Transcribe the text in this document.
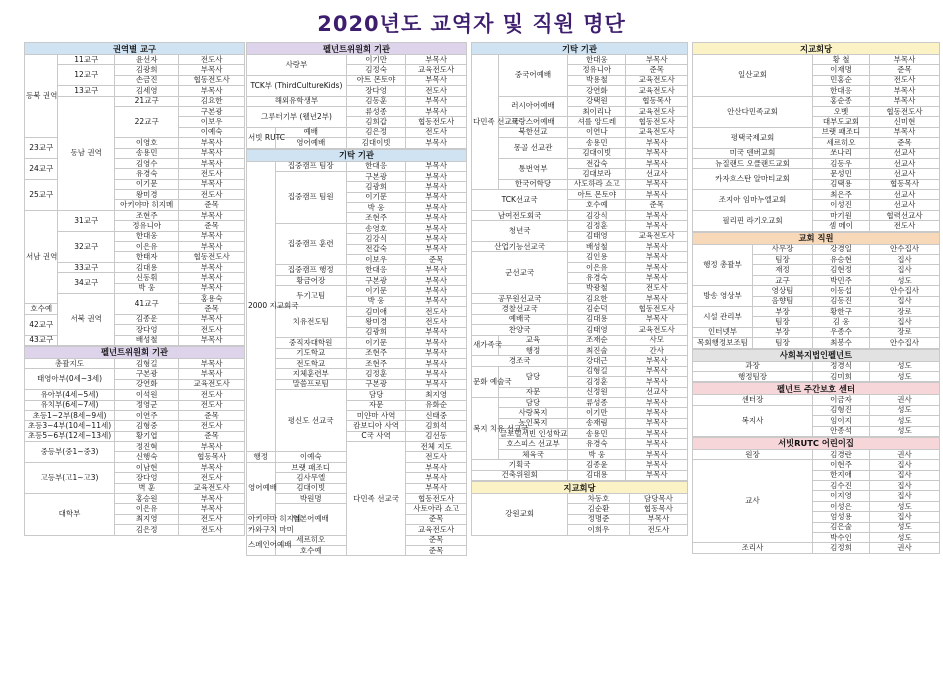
2020년도 교역자 및 직원 명단
권역별 교구			
등북 권역	11교구	윤선자	전도사
	12교구	김광희	부목사
		손금진	협동전도사
	13교구	김세영	부목사
	동남 권역	21교구	김요한
		22교구	구본광
			이보우
			이예숙
23교구		이영호	부목사
		송용민	부목사
24교구		김영수	부목사
		유경숙	전도사
25교구		이기문	부목사
		왕미경	전도사
		아키야마 히지메	준목
서남 권역	31교구	조현주	부목사
		정유니아	준목
	32교구	한대웅	부목사
		이은유	부목사
		한태자	협동전도사
	33교구	김대용	부목사
	34교구	신동휘	부목사
		박 웅	부목사
	서북 권역	41교구	홍용숙
호수예			준목
42교구		김종운	부목사
		장다엉	전도사
43교구		배성철	부목사
펠넌트위원회 기관		
총괄지도	김형길	부목사
태영아부(0세~3세)	구본광	부목사
	강연화	교육전도사
유아부(4세~5세)	이석원	전도사
유치부(6세~7세)	정영군	전도사
초등1~2부(8세~9세)	이연주	준목
초등3~4부(10세~11세)	김형중	전도사
초등5~6부(12세~13세)	황기엽	준목
중등부(중1~중3)	정진혁	부목사
	신행숙	협동목사
고등부(고1~고3)	이남현	부목사
	장다엉	전도사
	벽 훈	교육전도사
대학부	홍승원	부목사
	이은유	부목사
	최지영	전도사
	김은정	전도사
펠넌트위원회 기관			
사랑부		이기만	부목사
		김정숙	교육전도사
TCK부 (ThirdCultureKids)		아트 몬토야	부목사
		장다엉	전도사
해외유학생부		김동훈	부목사
그루터기부 (웰년2부)		류성종	부목사
		김희갑	협동전도사
서빗 RUTC	예배	김은정	전도사
	영어예배	김대이빗	부목사
기탁 기관			
2000 지교회국	집중캠프 팀장	한대응	부목사
	집중캠프 팀원	구본광	부목사
		김광희	부목사
		이기문	부목사
		박 웅	부목사
		조현주	부목사
	집중캠프 훈련	송영호	부목사
		김강식	부목사
		전갑숙	부목사
		이보우	준목
	집중캠프 행정	한대응	부목사
	황금어장	구본광	부목사
	두기고팀	이기문	부목사
		박 웅	부목사
	치유전도팀	김미애	전도사
		왕미경	전도사
		김광희	부목사
	중직자대학원	이기문	부목사
	기도학교	조현주	부목사
	전도학교	조현주	부목사
	지체훈련부	김정훈	부목사
	말씀프로팀	구본광	부목사
	평신도 선교국	담당	최지영
		자문	유화순
		미얀마 사역	신태중
		캄보디아 사역	김희석
		C국 사역	김선동
		다민족 선교국	전체 지도
행정	이예숙		전도사
영어예배	브랫 패조디		부목사
	김사무엘		부목사
	김대이빗		부목사
	박원명		협동전도사
	일본어예배		사토아라 쇼고
아키야마 히지메			준목
카와구치 마미			교육전도사
스페인어예배	세르히오		준목
	호수예		준목
기탁 기관			
다민족 선교국	중국어예배	한대웅	부목사
		정유니아	준목
		박용철	교육전도사
		강연화	교육전도사
	러시아어예배	강택원	협동목사
		최이리나	교육전도사
	프랑스어예배	셔를 앙드레	협동전도사
	북한선교	이연나	교육전도사
	몽골 선교관	송용민	부목사
		김대이빗	부목사
	통번역부	전갑숙	부목사
		김대보라	선교사
	한국어학당	사도하라 쇼고	부목사
TCK선교국		아트 몬토야	부목사
		호수예	준목
남여전도회국		김강식	부목사
청년국		김정훈	부목사
		김태영	교육전도사
산업기능선교국		배성철	부목사
군선교국		김인용	부목사
		이은유	부목사
		유경숙	부목사
		박광철	전도사
공무원선교국		김요한	부목사
경찰선교국		김순덕	협동전도사
예배국		김대용	부목사
찬양국		김태영	교육전도사
새가족국	교육	조재순	사모
	행정	최진술	간사
경조국		강대근	부목사
문화 예술국	담당	김형길	부목사
		김정훈	부목사
	자문	신정원	선교사
복지 치유 선교국	담당	류성종	부목사
	사랑복지	이기만	부목사
	농인복지	송재림	부목사
	글로벌서빈 인성학교	송용민	부목사
	호스피스 선교부	유경숙	부목사
	체육국	박 웅	부목사
기획국		김종윤	부목사
건축위원회		김대용	부목사
지교회당		
강원교회	차동호	담당목사
	김순환	협동목사
	정명준	부목사
	이희우	전도사
지교회당		
일산교회	황 철	부목사
	이재명	준목
	민홍순	전도사
	한대응	부목사
안산다민족교회	홍순종	부목사
	오벳	협동전도사
	대부도교회	신미현
평택국제교회	브랫 패조디	부목사
	세르히오	준목
미국 덴버교회	쏘나리	선교사
뉴질랜드 오클랜드교회	김동우	선교사
카자흐스탄 알마티교회	문성민	선교사
	김택용	협동목사
조지아 임마누엘교회	최은주	선교사
	이성진	선교사
필리핀 라기오교회	마기원	협력선교사
	셈 메이	전도사
교회 직원			
행정 총괄부	사무장	강경일	안수집사
	팀장	유승현	집사
	재정	김현정	집사
	교구	박민주	성도
방송 영상부	영상팀	이동섭	안수집사
	음향팀	김동진	집사
시설 관리부	부장	황한구	장로
	팀장	김 웅	집사
인터넷부	부장	우종수	장로
목회행정보조팀	팀장	최봉수	안수집사
사회복지법인펠넌트		
과장	정경식	성도
행정팀장	김미희	성도
펠넌트 주간보호 센터		
센터장	이금자	권사
복지사	김형진	성도
	임이지	성도
	안종석	성도
서빗RUTC 어린이집		
원장	김경란	권사
교사	이현주	집사
	한지애	집사
	김수진	집사
	이지영	집사
	이성은	성도
	엄성용	집사
	김은술	성도
	박수인	성도
조리사	김정희	권사
